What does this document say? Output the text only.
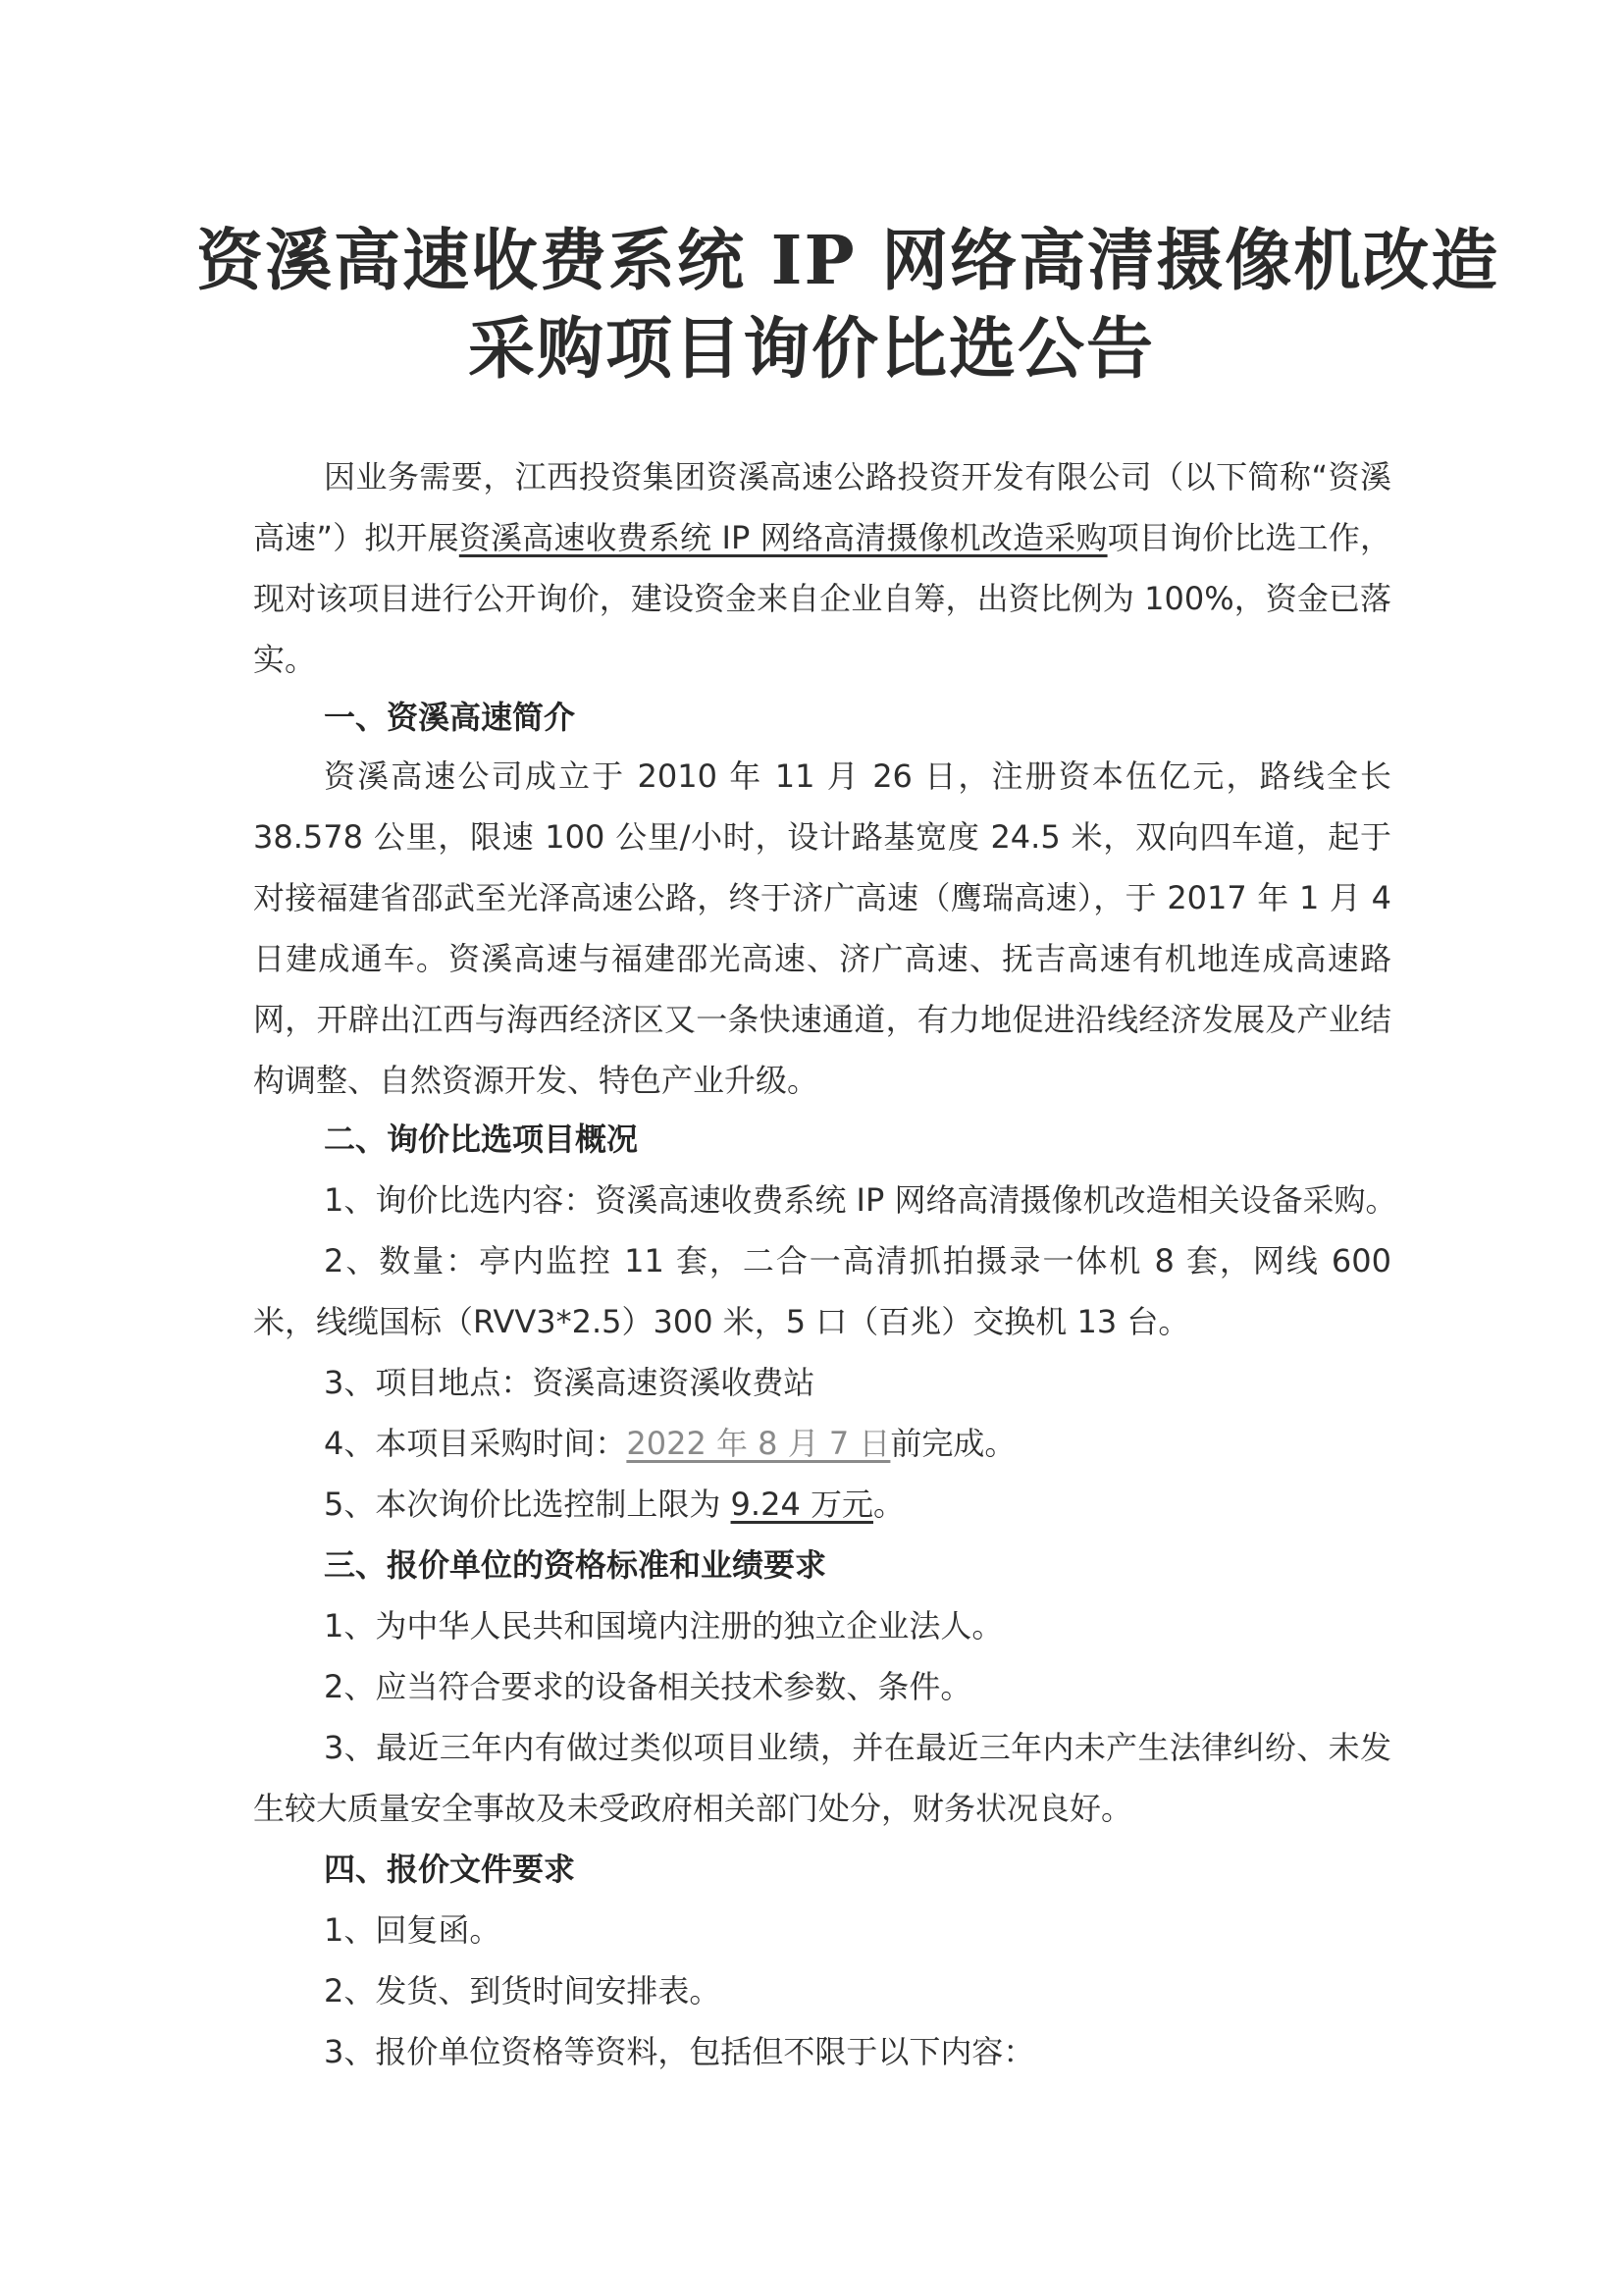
资溪高速收费系统 IP 网络高清摄像机改造
采购项目询价比选公告

因业务需要，江西投资集团资溪高速公路投资开发有限公司（以下简称“资溪高速”）拟开展资溪高速收费系统 IP 网络高清摄像机改造采购项目询价比选工作，现对该项目进行公开询价，建设资金来自企业自筹，出资比例为 100%，资金已落实。

一、资溪高速简介

资溪高速公司成立于 2010 年 11 月 26 日，注册资本伍亿元，路线全长 38.578 公里，限速 100 公里/小时，设计路基宽度 24.5 米，双向四车道，起于对接福建省邵武至光泽高速公路，终于济广高速（鹰瑞高速），于 2017 年 1 月 4 日建成通车。资溪高速与福建邵光高速、济广高速、抚吉高速有机地连成高速路网，开辟出江西与海西经济区又一条快速通道，有力地促进沿线经济发展及产业结构调整、自然资源开发、特色产业升级。

二、询价比选项目概况

1、询价比选内容：资溪高速收费系统 IP 网络高清摄像机改造相关设备采购。

2、数量：亭内监控 11 套，二合一高清抓拍摄录一体机 8 套，网线 600 米，线缆国标（RVV3*2.5）300 米，5 口（百兆）交换机 13 台。

3、项目地点：资溪高速资溪收费站

4、本项目采购时间：2022 年 8 月 7 日前完成。

5、本次询价比选控制上限为 9.24 万元。

三、报价单位的资格标准和业绩要求

1、为中华人民共和国境内注册的独立企业法人。

2、应当符合要求的设备相关技术参数、条件。

3、最近三年内有做过类似项目业绩，并在最近三年内未产生法律纠纷、未发生较大质量安全事故及未受政府相关部门处分，财务状况良好。

四、报价文件要求

1、回复函。

2、发货、到货时间安排表。

3、报价单位资格等资料，包括但不限于以下内容：
